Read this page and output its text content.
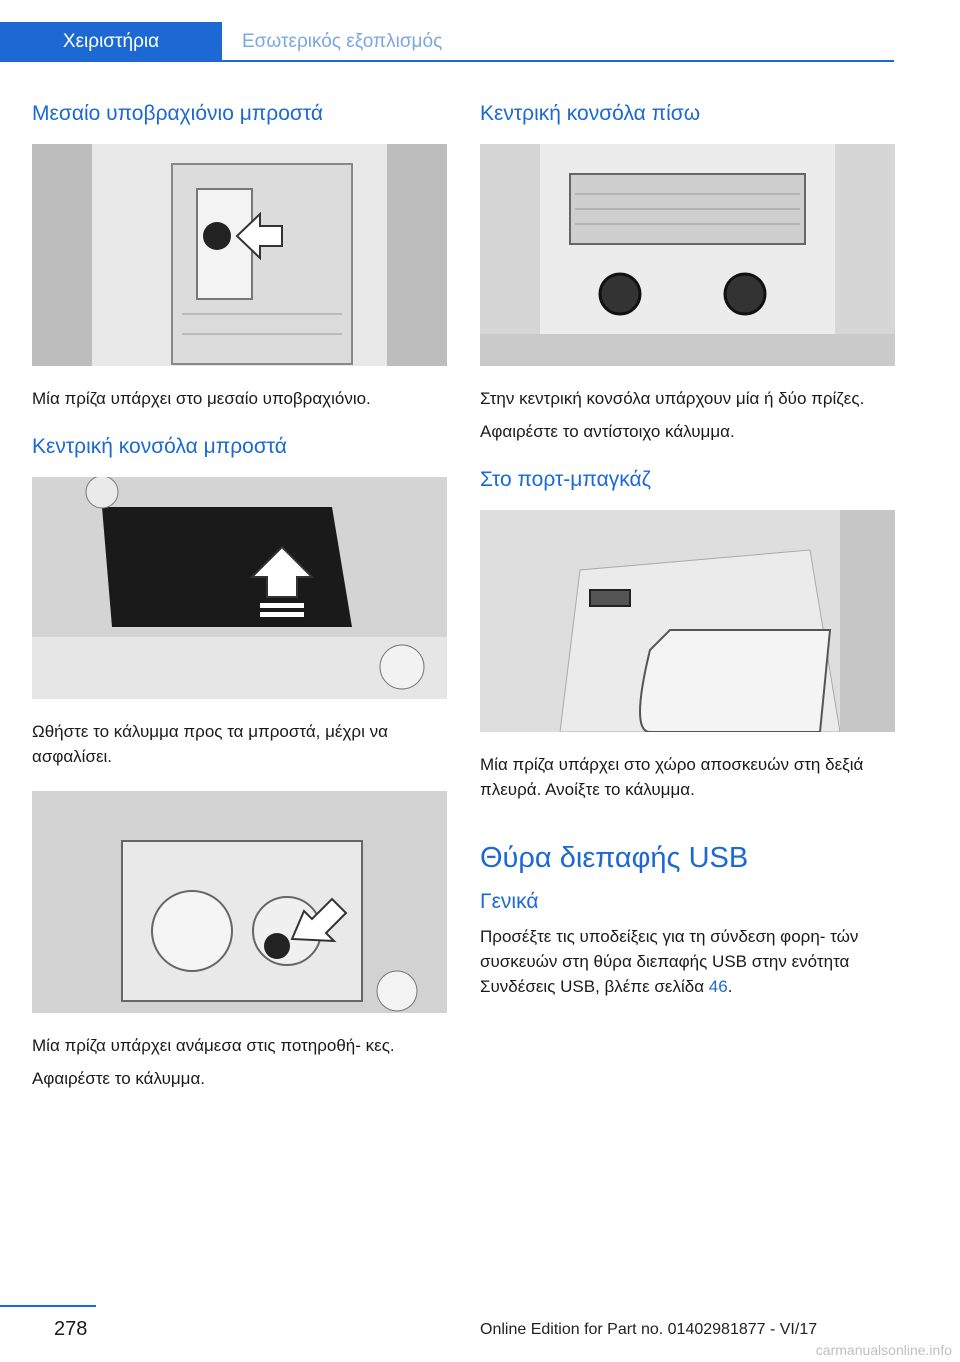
Χειριστήρια	Εσωτερικός εξοπλισμός
Μεσαίο υποβραχιόνιο μπροστά

Μία πρίζα υπάρχει στο μεσαίο υποβραχιόνιο.

Κεντρική κονσόλα μπροστά

Ωθήστε το κάλυμμα προς τα μπροστά, μέχρι να ασφαλίσει.

Μία πρίζα υπάρχει ανάμεσα στις ποτηροθή‐ κες.

Αφαιρέστε το κάλυμμα.

Κεντρική κονσόλα πίσω

Στην κεντρική κονσόλα υπάρχουν μία ή δύο πρίζες.

Αφαιρέστε το αντίστοιχο κάλυμμα.

Στο πορτ-μπαγκάζ

Μία πρίζα υπάρχει στο χώρο αποσκευών στη δεξιά πλευρά. Ανοίξτε το κάλυμμα.

Θύρα διεπαφής USB
Γενικά

Προσέξτε τις υποδείξεις για τη σύνδεση φορη‐ τών συσκευών στη θύρα διεπαφής USB στην ενότητα Συνδέσεις USB, βλέπε σελίδα 46.

278	Online Edition for Part no. 01402981877 - VI/17
carmanualsonline.info
